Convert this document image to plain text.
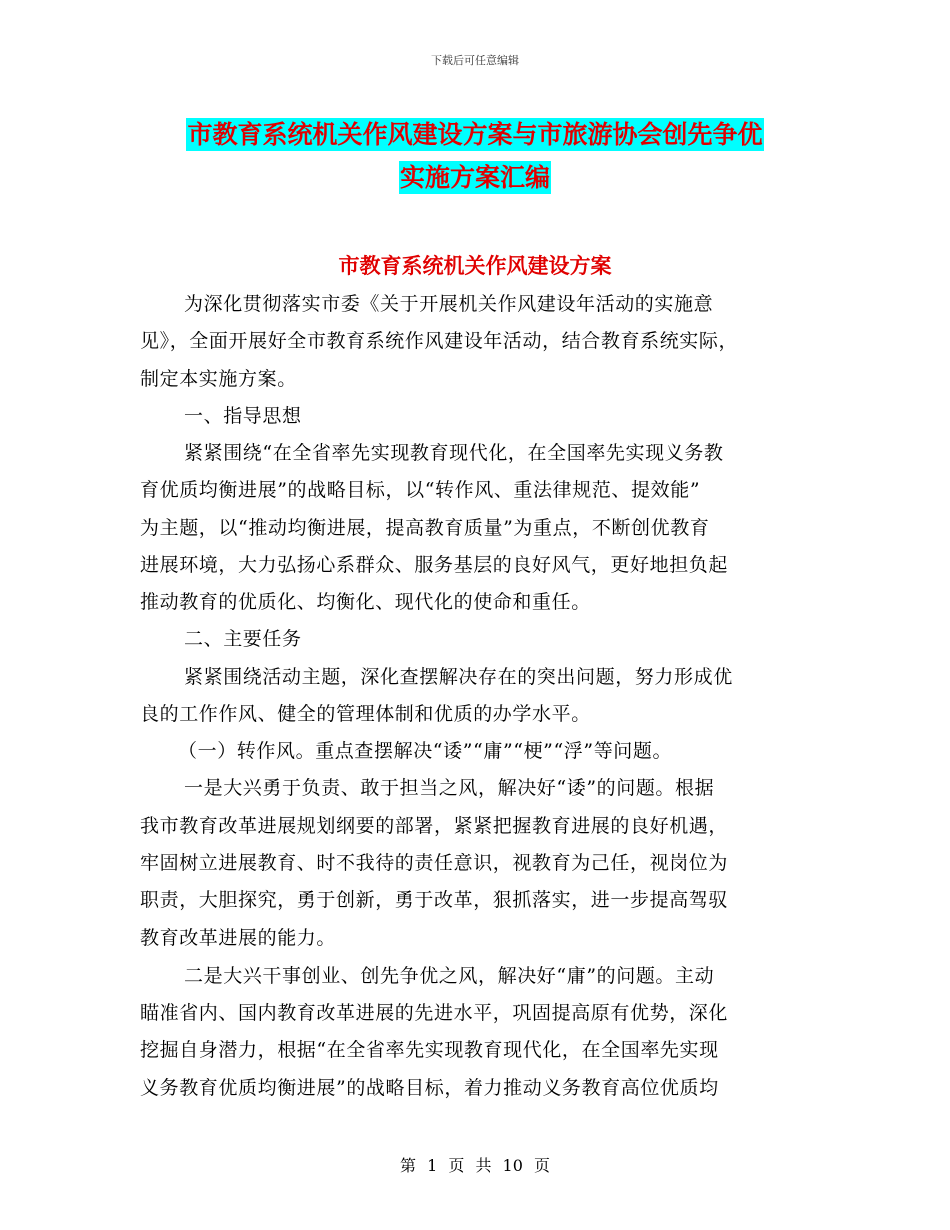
下载后可任意编辑
市教育系统机关作风建设方案与市旅游协会创先争优
实施方案汇编
市教育系统机关作风建设方案
为深化贯彻落实市委《关于开展机关作风建设年活动的实施意
见》，全面开展好全市教育系统作风建设年活动，结合教育系统实际，
制定本实施方案。
一、指导思想
紧紧围绕“在全省率先实现教育现代化，在全国率先实现义务教
育优质均衡进展”的战略目标，以“转作风、重法律规范、提效能”
为主题，以“推动均衡进展，提高教育质量”为重点，不断创优教育
进展环境，大力弘扬心系群众、服务基层的良好风气，更好地担负起
推动教育的优质化、均衡化、现代化的使命和重任。
二、主要任务
紧紧围绕活动主题，深化查摆解决存在的突出问题，努力形成优
良的工作作风、健全的管理体制和优质的办学水平。
（一）转作风。重点查摆解决“诿”“庸”“梗”“浮”等问题。
一是大兴勇于负责、敢于担当之风，解决好“诿”的问题。根据
我市教育改革进展规划纲要的部署，紧紧把握教育进展的良好机遇，
牢固树立进展教育、时不我待的责任意识，视教育为己任，视岗位为
职责，大胆探究，勇于创新，勇于改革，狠抓落实，进一步提高驾驭
教育改革进展的能力。
二是大兴干事创业、创先争优之风，解决好“庸”的问题。主动
瞄准省内、国内教育改革进展的先进水平，巩固提高原有优势，深化
挖掘自身潜力，根据“在全省率先实现教育现代化，在全国率先实现
义务教育优质均衡进展”的战略目标，着力推动义务教育高位优质均
第 1 页 共 10 页
